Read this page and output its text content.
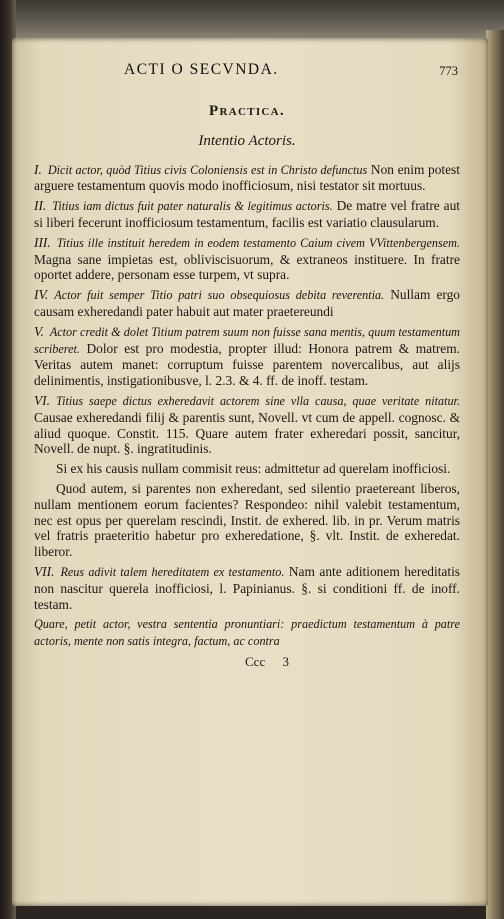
ACTI O SECVNDA.	773
Practica.
Intentio Actoris.

I. Dicit actor, quòd Titius civis Coloniensis est in Christo defunctus Non enim potest arguere testamentum quovis modo inofficiosum, nisi testator sit mortuus.

II. Titius iam dictus fuit pater naturalis & legitimus actoris. De matre vel fratre aut si liberi fecerunt inofficiosum testamentum, facilis est variatio clausularum.

III. Titius ille instituit heredem in eodem testamento Caium civem VVittenbergensem. Magna sane impietas est, obliviscisuorum, & extraneos instituere. In fratre oportet addere, personam esse turpem, vt supra.

IV. Actor fuit semper Titio patri suo obsequiosus debita reverentia. Nullam ergo causam exheredandi pater habuit aut mater praetereundi

V. Actor credit & dolet Titium patrem suum non fuisse sana mentis, quum testamentum scriberet. Dolor est pro modestia, propter illud: Honora patrem & matrem. Veritas autem manet: corruptum fuisse parentem novercalibus, aut alijs delinimentis, instigationibusve, l. 2.3. & 4. ff. de inoff. testam.

VI. Titius saepe dictus exheredavit actorem sine vlla causa, quae veritate nitatur. Causae exheredandi filij & parentis sunt, Novell. vt cum de appell. cognosc. & aliud quoque. Constit. 115. Quare autem frater exheredari possit, sancitur, Novell. de nupt. §. ingratitudinis.

Si ex his causis nullam commisit reus: admittetur ad querelam inofficiosi.

Quod autem, si parentes non exheredant, sed silentio praetereant liberos, nullam mentionem eorum facientes? Respondeo: nihil valebit testamentum, nec est opus per querelam rescindi, Instit. de exhered. lib. in pr. Verum matris vel fratris praeteritio habetur pro exheredatione, §. vlt. Instit. de exheredat. liberor.

VII. Reus adivit talem hereditatem ex testamento. Nam ante aditionem hereditatis non nascitur querela inofficiosi, l. Papinianus. §. si conditioni ff. de inoff. testam.

Quare, petit actor, vestra sententia pronuntiari: praedictum testamentum à patre actoris, mente non satis integra, factum, ac contra

Ccc 3
